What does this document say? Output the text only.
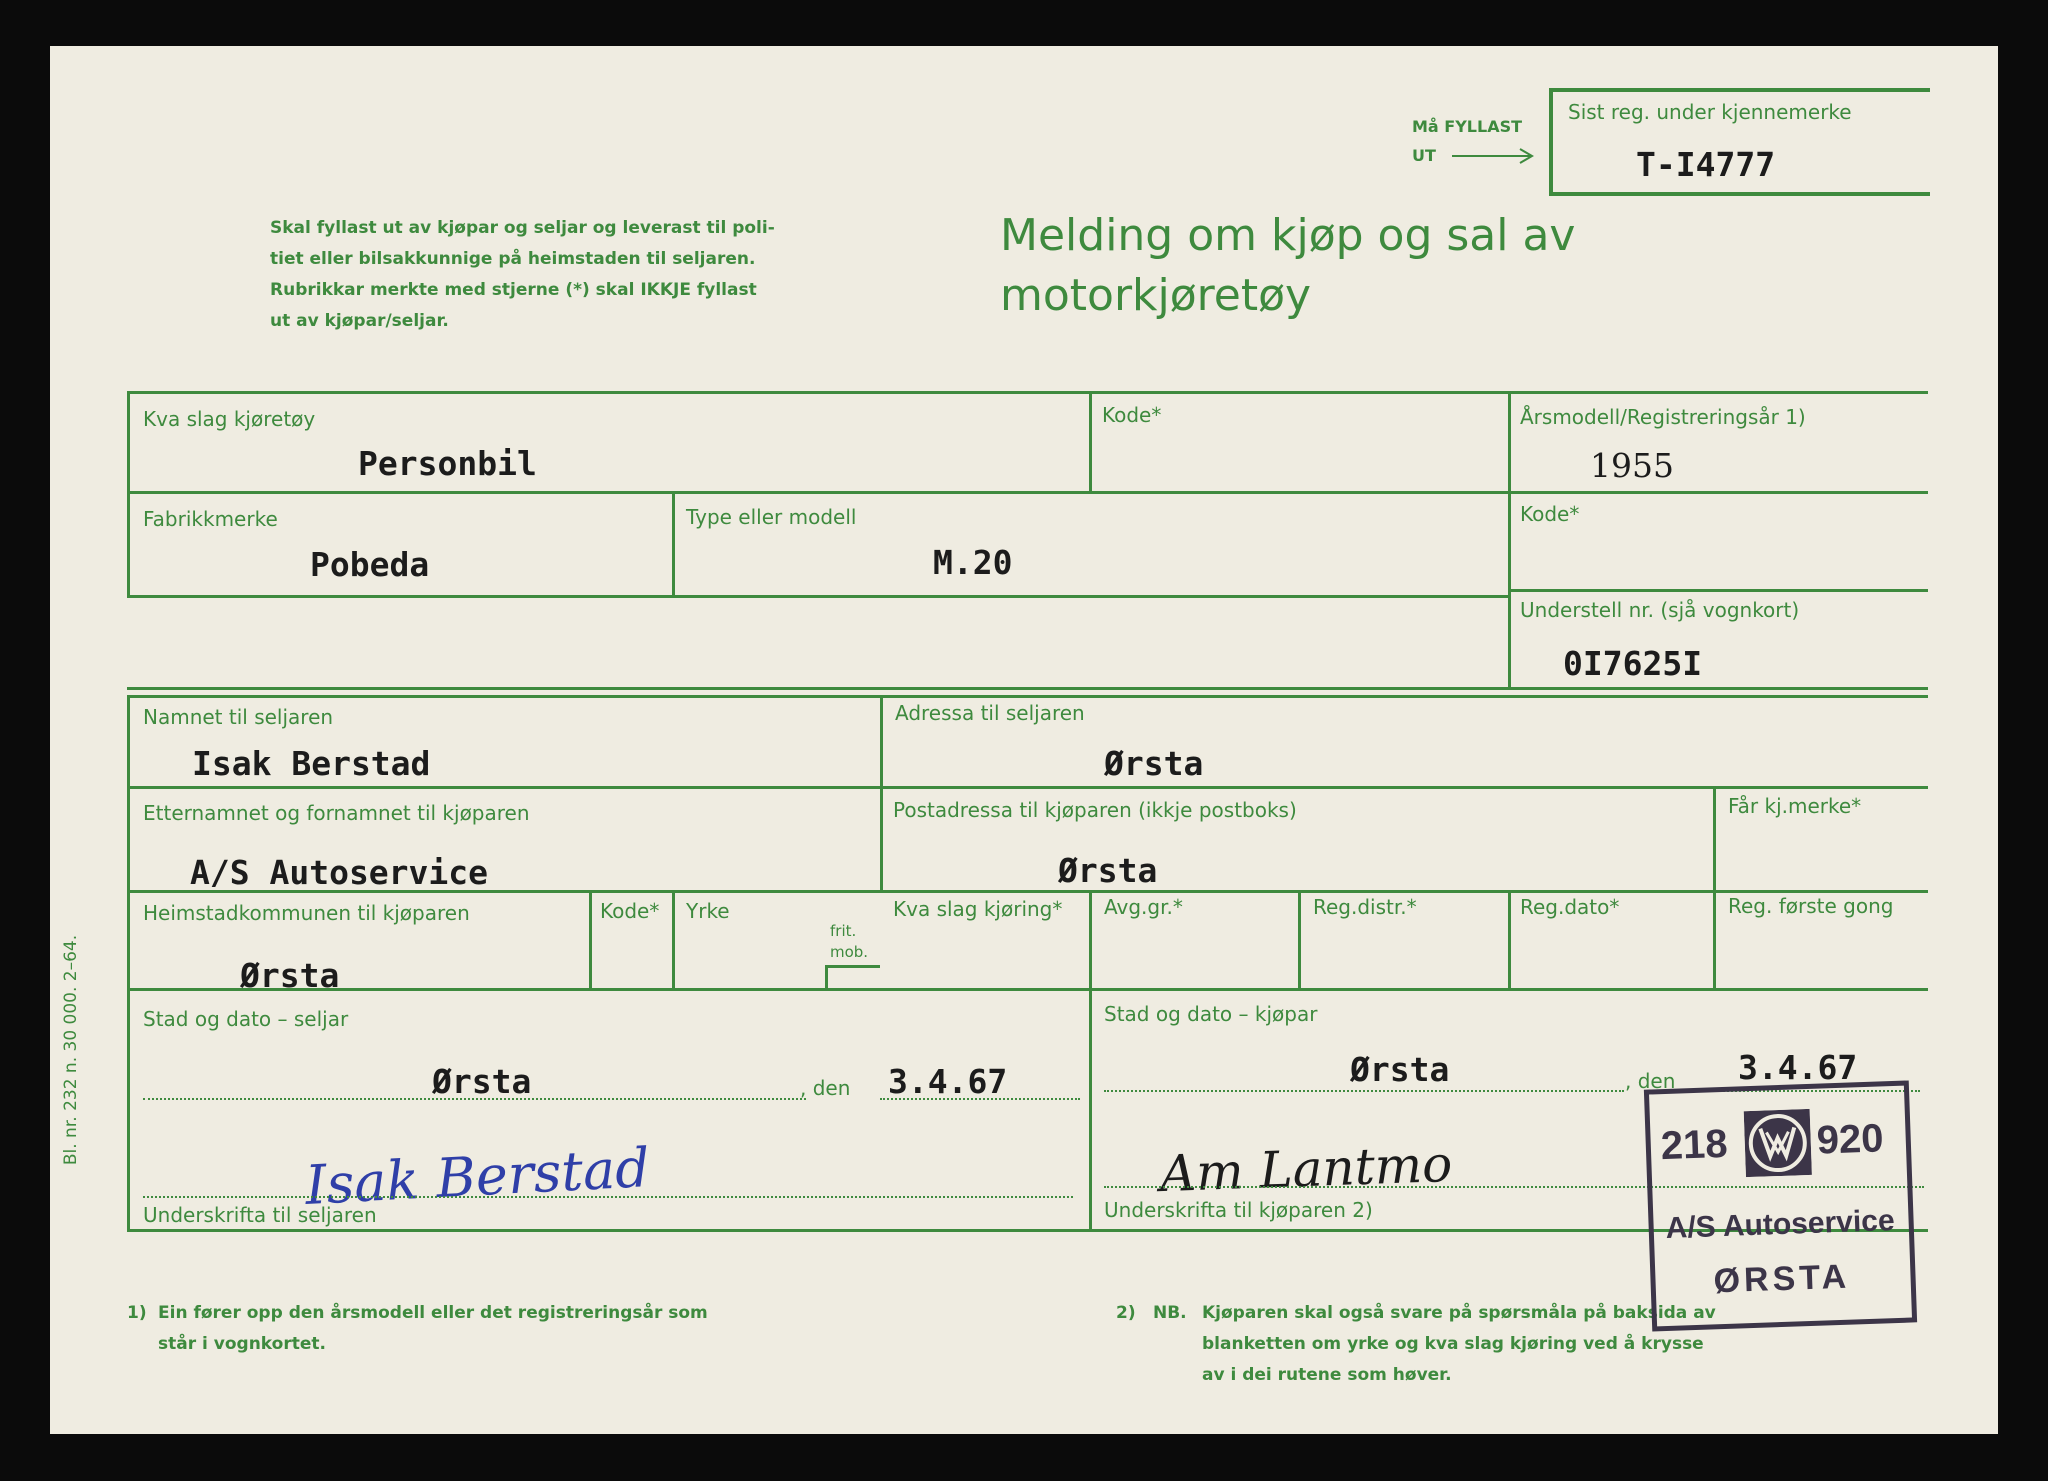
Må FYLLAST
UT
Sist reg. under kjennemerke
T-I4777
Skal fyllast ut av kjøpar og seljar og leverast til poli-
tiet eller bilsakkunnige på heimstaden til seljaren.
Rubrikkar merkte med stjerne (*) skal IKKJE fyllast
ut av kjøpar/seljar.
Melding om kjøp og sal av
motorkjøretøy
Kva slag kjøretøy
Personbil
Kode*	Årsmodell/Registreringsår 1)
1955
Fabrikkmerke
Pobeda
Type eller modell
M.20
Kode*
Understell nr. (sjå vognkort)
0I7625I
Namnet til seljaren
Isak Berstad
Adressa til seljaren
Ørsta
Etternamnet og fornamnet til kjøparen
A/S Autoservice
Postadressa til kjøparen (ikkje postboks)
Ørsta
Får kj.merke*
Heimstadkommunen til kjøparen
Ørsta
Kode* Yrke
frit.
mob.
Kva slag kjøring* Avg.gr.*	Reg.distr.*	Reg.dato*	Reg. første gong
Stad og dato – seljar
Ørsta	, den 3.4.67
Stad og dato – kjøpar
Ørsta	, den 3.4.67
Isak Berstad	Am Lantmo
Underskrifta til seljaren	Underskrifta til kjøparen 2)
Bl. nr. 232 n. 30 000. 2–64.
1) Ein fører opp den årsmodell eller det registreringsår som
står i vognkortet.
2) NB. Kjøparen skal også svare på spørsmåla på baksida av
blanketten om yrke og kva slag kjøring ved å krysse
av i dei rutene som høver.
218 920
A/S Autoservice
ØRSTA
